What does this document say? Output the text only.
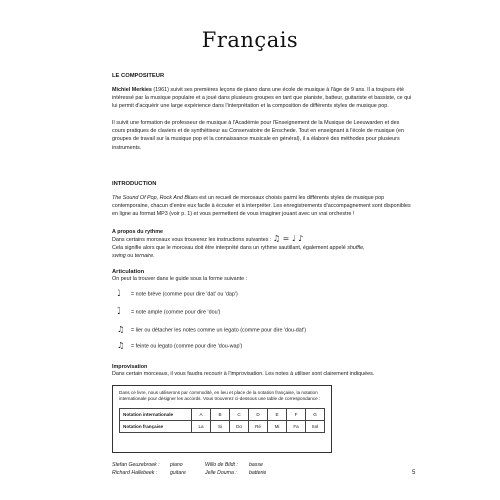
Français
LE COMPOSITEUR
Michiel Merkies (1961) suivit ses premières leçons de piano dans une école de musique à l'âge de 9 ans. Il a toujours été intéressé par la musique populaire et a joué dans plusieurs groupes en tant que pianiste, batteur, guitariste et bassiste, ce qui lui permit d'acquérir une large expérience dans l'interprétation et la composition de différents styles de musique pop.
Il suivit une formation de professeur de musique à l'Académie pour l'Enseignement de la Musique de Leeuwarden et des cours pratiques de claviers et de synthétiseur au Conservatoire de Enschede. Tout en enseignant à l'école de musique (en groupes de travail sur la musique pop et la connaissance musicale en général), il a élaboré des méthodes pour plusieurs instruments.
INTRODUCTION
The Sound Of Pop, Rock And Blues est un recueil de morceaux choisis parmi les différents styles de musique pop contemporaine, chacun d'entre eux facile à écouter et à interpréter. Les enregistrements d'accompagnement sont disponibles en ligne au format MP3 (voir p. 1) et vous permettent de vous imaginer jouant avec un vrai orchestre !
A propos du rythme
Dans certains morceaux vous trouverez les instructions suivantes : ♫ = ♩ ♪
Cela signifie alors que le morceau doit être interprété dans un rythme sautillant, également appelé shuffle,
swing ou ternaire.
Articulation
On peut la trouver dans le guide sous la forme suivante :
♩̇ = note brève (comme pour dire 'dat' ou 'dap')
♩̄ = note ample (comme pour dire 'dou')
♫ = lier ou détacher les notes comme un legato (comme pour dire 'dou-dat')
♫ = feinte ou legato (comme pour dire 'dou-wap')
Improvisation
Dans certain morceaux, il vous faudra recourir à l'improvisation. Les notes à utiliser sont clairement indiquées.
Dans ce livre, nous utiliserons par commodité, en lieu et place de la notation française, la notation internationale pour désigner les accords. Vous trouverez ci-dessous une table de correspondance :
Notation internationale	A	B	C	D	E	F	G
Notation française	La	Si	Do	Ré	Mi	Fa	Sol
Stefan Geuzebroek : piano
Richard Hallebeek : guitare
Willo de Bildt : basse
Jelle Douma : batterie	5
